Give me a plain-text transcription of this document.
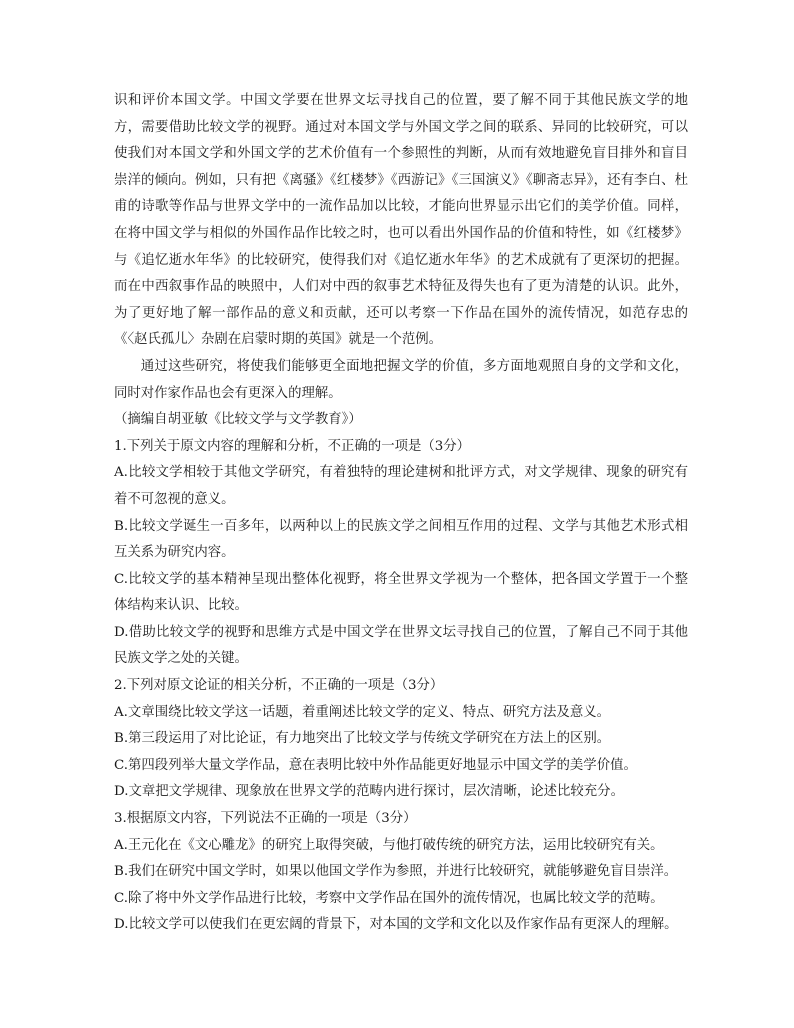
识和评价本国文学。中国文学要在世界文坛寻找自己的位置，要了解不同于其他民族文学的地方，需要借助比较文学的视野。通过对本国文学与外国文学之间的联系、异同的比较研究，可以使我们对本国文学和外国文学的艺术价值有一个参照性的判断，从而有效地避免盲目排外和盲目崇洋的倾向。例如，只有把《离骚》《红楼梦》《西游记》《三国演义》《聊斋志异》，还有李白、杜甫的诗歌等作品与世界文学中的一流作品加以比较，才能向世界显示出它们的美学价值。同样，在将中国文学与相似的外国作品作比较之时，也可以看出外国作品的价值和特性，如《红楼梦》与《追忆逝水年华》的比较研究，使得我们对《追忆逝水年华》的艺术成就有了更深切的把握。而在中西叙事作品的映照中，人们对中西的叙事艺术特征及得失也有了更为清楚的认识。此外，为了更好地了解一部作品的意义和贡献，还可以考察一下作品在国外的流传情况，如范存忠的《〈赵氏孤儿〉杂剧在启蒙时期的英国》就是一个范例。

通过这些研究，将使我们能够更全面地把握文学的价值，多方面地观照自身的文学和文化，同时对作家作品也会有更深入的理解。

（摘编自胡亚敏《比较文学与文学教育》）

1.下列关于原文内容的理解和分析，不正确的一项是（3分）

A.比较文学相较于其他文学研究，有着独特的理论建树和批评方式，对文学规律、现象的研究有着不可忽视的意义。

B.比较文学诞生一百多年，以两种以上的民族文学之间相互作用的过程、文学与其他艺术形式相互关系为研究内容。

C.比较文学的基本精神呈现出整体化视野，将全世界文学视为一个整体，把各国文学置于一个整体结构来认识、比较。

D.借助比较文学的视野和思维方式是中国文学在世界文坛寻找自己的位置，了解自己不同于其他民族文学之处的关键。

2.下列对原文论证的相关分析，不正确的一项是（3分）

A.文章围绕比较文学这一话题，着重阐述比较文学的定义、特点、研究方法及意义。

B.第三段运用了对比论证，有力地突出了比较文学与传统文学研究在方法上的区别。

C.第四段列举大量文学作品，意在表明比较中外作品能更好地显示中国文学的美学价值。

D.文章把文学规律、现象放在世界文学的范畴内进行探讨，层次清晰，论述比较充分。

3.根据原文内容，下列说法不正确的一项是（3分）

A.王元化在《文心雕龙》的研究上取得突破，与他打破传统的研究方法，运用比较研究有关。

B.我们在研究中国文学时，如果以他国文学作为参照，并进行比较研究，就能够避免盲目崇洋。

C.除了将中外文学作品进行比较，考察中文学作品在国外的流传情况，也属比较文学的范畴。

D.比较文学可以使我们在更宏阔的背景下，对本国的文学和文化以及作家作品有更深人的理解。
